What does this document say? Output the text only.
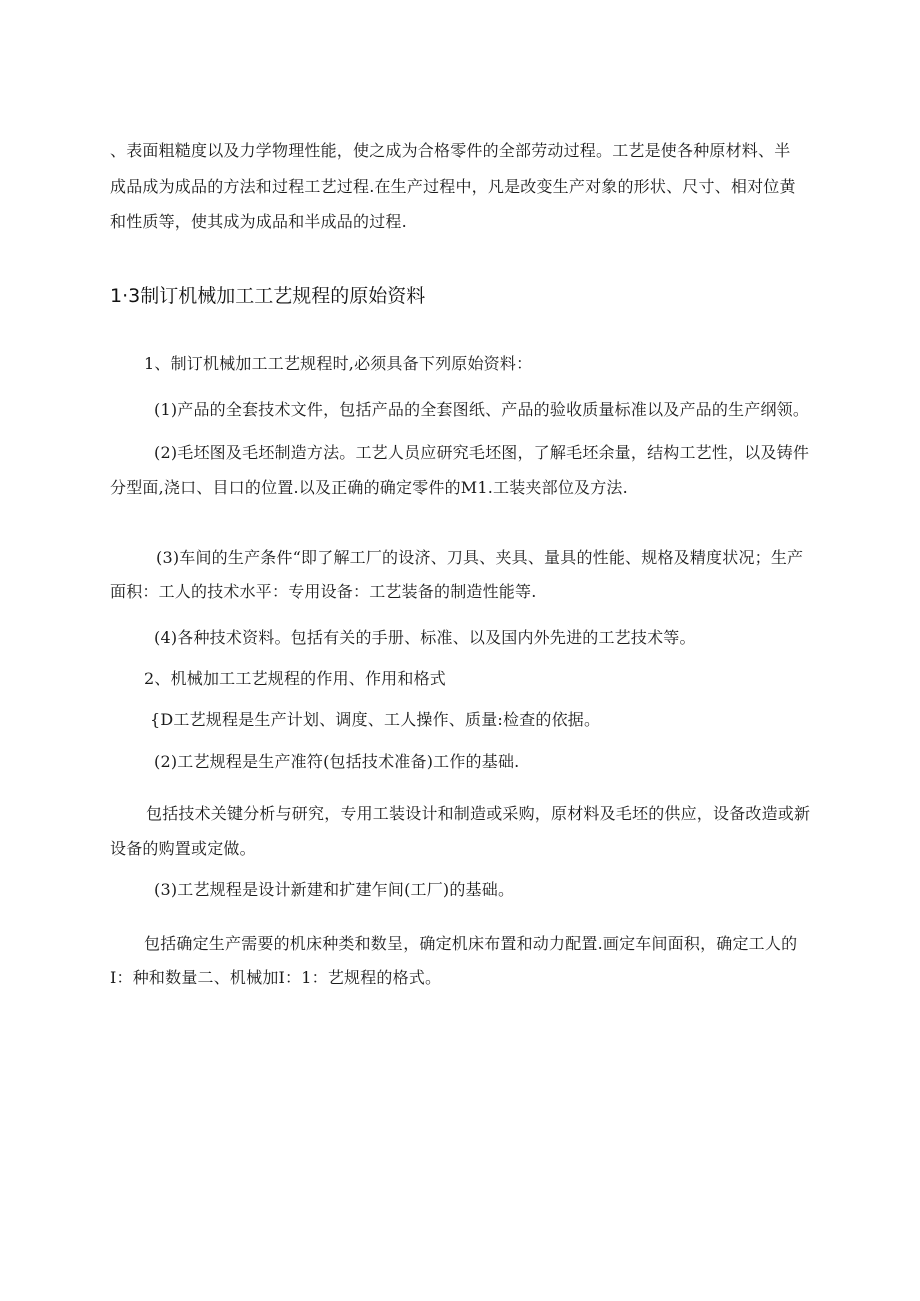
、表面粗糙度以及力学物理性能，使之成为合格零件的全部劳动过程。工艺是使各种原材料、半
成品成为成品的方法和过程工艺过程.在生产过程中，凡是改变生产对象的形状、尺寸、相对位黄
和性质等，使其成为成品和半成品的过程.
1·3制订机械加工工艺规程的原始资料
1、制订机械加工工艺规程时,必须具备下列原始资料：
(1)产品的全套技术文件，包括产品的全套图纸、产品的验收质量标准以及产品的生产纲领。
(2)毛坯图及毛坯制造方法。工艺人员应研究毛坯图，了解毛坯余量，结构工艺性，以及铸件
分型面,浇口、目口的位置.以及正确的确定零件的M1.工装夹部位及方法.
(3)车间的生产条件“即了解工厂的设济、刀具、夹具、量具的性能、规格及精度状况；生产
面积：工人的技术水平：专用设备：工艺装备的制造性能等.
(4)各种技术资料。包括有关的手册、标准、以及国内外先进的工艺技术等。
2、机械加工工艺规程的作用、作用和格式
{D工艺规程是生产计划、调度、工人操作、质量:检查的依据。
(2)工艺规程是生产准符(包括技术准备)工作的基础.
包括技术关键分析与研究，专用工装设计和制造或采购，原材料及毛坯的供应，设备改造或新
设备的购置或定做。
(3)工艺规程是设计新建和扩建乍间(工厂)的基础。
包括确定生产需要的机床种类和数呈，确定机床布置和动力配置.画定车间面积，确定工人的
I：种和数量二、机械加I：1：艺规程的格式。
